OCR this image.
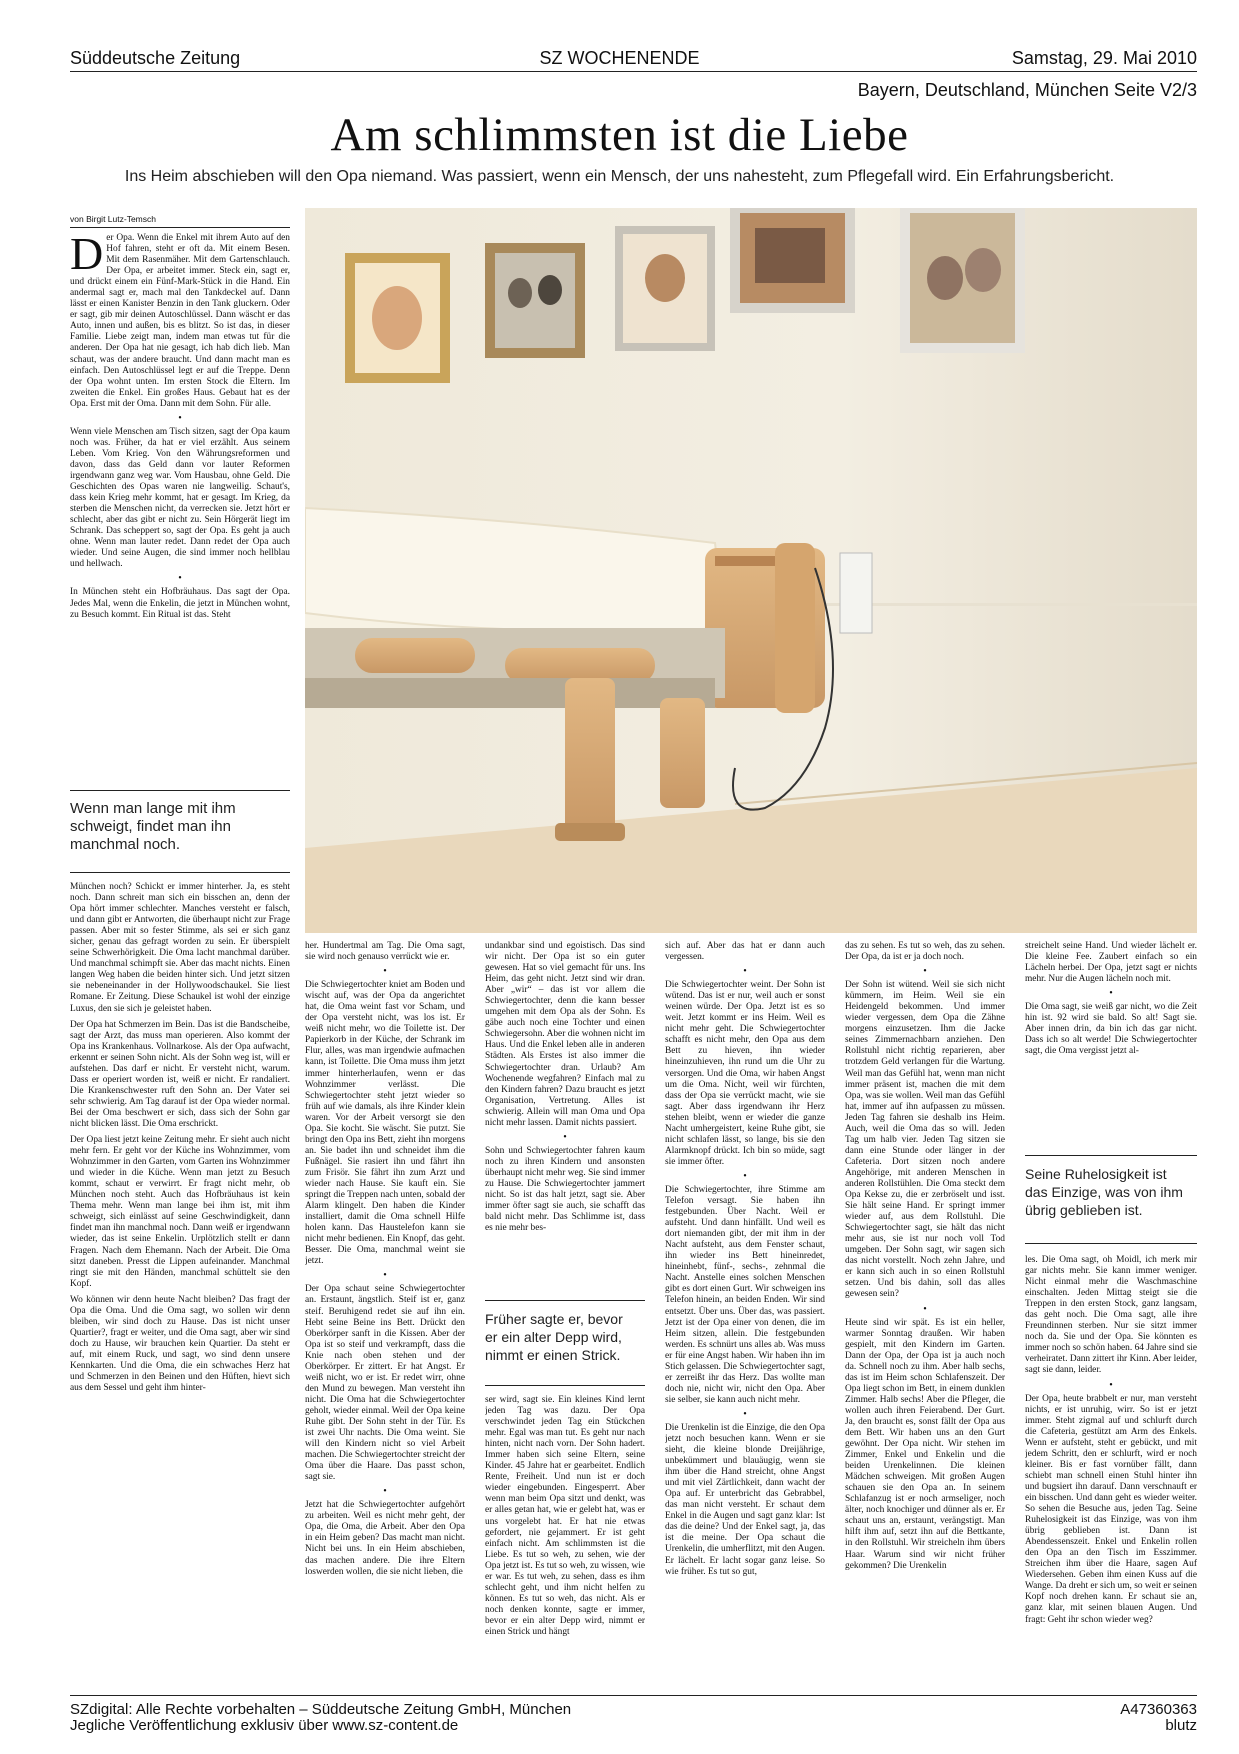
Süddeutsche Zeitung	SZ WOCHENENDE	Samstag, 29. Mai 2010
Bayern, Deutschland, München Seite V2/3
Am schlimmsten ist die Liebe
Ins Heim abschieben will den Opa niemand. Was passiert, wenn ein Mensch, der uns nahesteht, zum Pflegefall wird. Ein Erfahrungsbericht.
von Birgit Lutz-Temsch
D er Opa. Wenn die Enkel mit ihrem Auto auf den Hof fahren, steht er oft da. Mit einem Besen. Mit dem Rasenmäher. Mit dem Gartenschlauch. Der Opa, er arbeitet immer. Steck ein, sagt er, und drückt einem ein Fünf-Mark-Stück in die Hand. Ein andermal sagt er, mach mal den Tankdeckel auf. Dann lässt er einen Kanister Benzin in den Tank gluckern. Oder er sagt, gib mir deinen Autoschlüssel. Dann wäscht er das Auto, innen und außen, bis es blitzt. So ist das, in dieser Familie. Liebe zeigt man, indem man etwas tut für die anderen. Der Opa hat nie gesagt, ich hab dich lieb. Man schaut, was der andere braucht. Und dann macht man es einfach. Den Autoschlüssel legt er auf die Treppe. Denn der Opa wohnt unten. Im ersten Stock die Eltern. Im zweiten die Enkel. Ein großes Haus. Gebaut hat es der Opa. Erst mit der Oma. Dann mit dem Sohn. Für alle.

•

Wenn viele Menschen am Tisch sitzen, sagt der Opa kaum noch was. Früher, da hat er viel erzählt. Aus seinem Leben. Vom Krieg. Von den Währungsreformen und davon, dass das Geld dann vor lauter Reformen irgendwann ganz weg war. Vom Hausbau, ohne Geld. Die Geschichten des Opas waren nie langweilig. Schaut's, dass kein Krieg mehr kommt, hat er gesagt. Im Krieg, da sterben die Menschen nicht, da verrecken sie. Jetzt hört er schlecht, aber das gibt er nicht zu. Sein Hörgerät liegt im Schrank. Das scheppert so, sagt der Opa. Es geht ja auch ohne. Wenn man lauter redet. Dann redet der Opa auch wieder. Und seine Augen, die sind immer noch hellblau und hellwach.

•

In München steht ein Hofbräuhaus. Das sagt der Opa. Jedes Mal, wenn die Enkelin, die jetzt in München wohnt, zu Besuch kommt. Ein Ritual ist das. Steht

Wenn man lange mit ihm schweigt, findet man ihn manchmal noch.

München noch? Schickt er immer hinterher. Ja, es steht noch. Dann schreit man sich ein bisschen an, denn der Opa hört immer schlechter. Manches versteht er falsch, und dann gibt er Antworten, die überhaupt nicht zur Frage passen. Aber mit so fester Stimme, als sei er sich ganz sicher, genau das gefragt worden zu sein. Er überspielt seine Schwerhörigkeit. Die Oma lacht manchmal darüber. Und manchmal schimpft sie. Aber das macht nichts. Einen langen Weg haben die beiden hinter sich. Und jetzt sitzen sie nebeneinander in der Hollywoodschaukel. Sie liest Romane. Er Zeitung. Diese Schaukel ist wohl der einzige Luxus, den sie sich je geleistet haben.

Der Opa hat Schmerzen im Bein. Das ist die Bandscheibe, sagt der Arzt, das muss man operieren. Also kommt der Opa ins Krankenhaus. Vollnarkose. Als der Opa aufwacht, erkennt er seinen Sohn nicht. Als der Sohn weg ist, will er aufstehen. Das darf er nicht. Er versteht nicht, warum. Dass er operiert worden ist, weiß er nicht. Er randaliert. Die Krankenschwester ruft den Sohn an. Der Vater sei sehr schwierig. Am Tag darauf ist der Opa wieder normal. Bei der Oma beschwert er sich, dass sich der Sohn gar nicht blicken lässt. Die Oma erschrickt.

Der Opa liest jetzt keine Zeitung mehr. Er sieht auch nicht mehr fern. Er geht vor der Küche ins Wohnzimmer, vom Wohnzimmer in den Garten, vom Garten ins Wohnzimmer und wieder in die Küche. Wenn man jetzt zu Besuch kommt, schaut er verwirrt. Er fragt nicht mehr, ob München noch steht. Auch das Hofbräuhaus ist kein Thema mehr. Wenn man lange bei ihm ist, mit ihm schweigt, sich einlässt auf seine Geschwindigkeit, dann findet man ihn manchmal noch. Dann weiß er irgendwann wieder, das ist seine Enkelin. Urplötzlich stellt er dann Fragen. Nach dem Ehemann. Nach der Arbeit. Die Oma sitzt daneben. Presst die Lippen aufeinander. Manchmal ringt sie mit den Händen, manchmal schüttelt sie den Kopf.

Wo können wir denn heute Nacht bleiben? Das fragt der Opa die Oma. Und die Oma sagt, wo sollen wir denn bleiben, wir sind doch zu Hause. Das ist nicht unser Quartier?, fragt er weiter, und die Oma sagt, aber wir sind doch zu Hause, wir brauchen kein Quartier. Da steht er auf, mit einem Ruck, und sagt, wo sind denn unsere Kennkarten. Und die Oma, die ein schwaches Herz hat und Schmerzen in den Beinen und den Hüften, hievt sich aus dem Sessel und geht ihm hinter-

her. Hundertmal am Tag. Die Oma sagt, sie wird noch genauso verrückt wie er.

•

Die Schwiegertochter kniet am Boden und wischt auf, was der Opa da angerichtet hat, die Oma weint fast vor Scham, und der Opa versteht nicht, was los ist. Er weiß nicht mehr, wo die Toilette ist. Der Papierkorb in der Küche, der Schrank im Flur, alles, was man irgendwie aufmachen kann, ist Toilette. Die Oma muss ihm jetzt immer hinterherlaufen, wenn er das Wohnzimmer verlässt. Die Schwiegertochter steht jetzt wieder so früh auf wie damals, als ihre Kinder klein waren. Vor der Arbeit versorgt sie den Opa. Sie kocht. Sie wäscht. Sie putzt. Sie bringt den Opa ins Bett, zieht ihn morgens an. Sie badet ihn und schneidet ihm die Fußnägel. Sie rasiert ihn und fährt ihn zum Frisör. Sie fährt ihn zum Arzt und wieder nach Hause. Sie kauft ein. Sie springt die Treppen nach unten, sobald der Alarm klingelt. Den haben die Kinder installiert, damit die Oma schnell Hilfe holen kann. Das Haustelefon kann sie nicht mehr bedienen. Ein Knopf, das geht. Besser. Die Oma, manchmal weint sie jetzt.

•

Der Opa schaut seine Schwiegertochter an. Erstaunt, ängstlich. Steif ist er, ganz steif. Beruhigend redet sie auf ihn ein. Hebt seine Beine ins Bett. Drückt den Oberkörper sanft in die Kissen. Aber der Opa ist so steif und verkrampft, dass die Knie nach oben stehen und der Oberkörper. Er zittert. Er hat Angst. Er weiß nicht, wo er ist. Er redet wirr, ohne den Mund zu bewegen. Man versteht ihn nicht. Die Oma hat die Schwiegertochter geholt, wieder einmal. Weil der Opa keine Ruhe gibt. Der Sohn steht in der Tür. Es ist zwei Uhr nachts. Die Oma weint. Sie will den Kindern nicht so viel Arbeit machen. Die Schwiegertochter streicht der Oma über die Haare. Das passt schon, sagt sie.

•

Jetzt hat die Schwiegertochter aufgehört zu arbeiten. Weil es nicht mehr geht, der Opa, die Oma, die Arbeit. Aber den Opa in ein Heim geben? Das macht man nicht. Nicht bei uns. In ein Heim abschieben, das machen andere. Die ihre Eltern loswerden wollen, die sie nicht lieben, die

undankbar sind und egoistisch. Das sind wir nicht. Der Opa ist so ein guter gewesen. Hat so viel gemacht für uns. Ins Heim, das geht nicht. Jetzt sind wir dran. Aber „wir“ – das ist vor allem die Schwiegertochter, denn die kann besser umgehen mit dem Opa als der Sohn. Es gäbe auch noch eine Tochter und einen Schwiegersohn. Aber die wohnen nicht im Haus. Und die Enkel leben alle in anderen Städten. Als Erstes ist also immer die Schwiegertochter dran. Urlaub? Am Wochenende wegfahren? Einfach mal zu den Kindern fahren? Dazu braucht es jetzt Organisation, Vertretung. Alles ist schwierig. Allein will man Oma und Opa nicht mehr lassen. Damit nichts passiert.

•

Sohn und Schwiegertochter fahren kaum noch zu ihren Kindern und ansonsten überhaupt nicht mehr weg. Sie sind immer zu Hause. Die Schwiegertochter jammert nicht. So ist das halt jetzt, sagt sie. Aber immer öfter sagt sie auch, sie schafft das bald nicht mehr. Das Schlimme ist, dass es nie mehr bes-

Früher sagte er, bevor er ein alter Depp wird, nimmt er einen Strick.

ser wird, sagt sie. Ein kleines Kind lernt jeden Tag was dazu. Der Opa verschwindet jeden Tag ein Stückchen mehr. Egal was man tut. Es geht nur nach hinten, nicht nach vorn. Der Sohn hadert. Immer haben sich seine Eltern, seine Kinder. 45 Jahre hat er gearbeitet. Endlich Rente, Freiheit. Und nun ist er doch wieder eingebunden. Eingesperrt. Aber wenn man beim Opa sitzt und denkt, was er alles getan hat, wie er gelebt hat, was er uns vorgelebt hat. Er hat nie etwas gefordert, nie gejammert. Er ist geht einfach nicht. Am schlimmsten ist die Liebe. Es tut so weh, zu sehen, wie der Opa jetzt ist. Es tut so weh, zu wissen, wie er war. Es tut weh, zu sehen, dass es ihm schlecht geht, und ihm nicht helfen zu können. Es tut so weh, das nicht. Als er noch denken konnte, sagte er immer, bevor er ein alter Depp wird, nimmt er einen Strick und hängt

sich auf. Aber das hat er dann auch vergessen.

•

Die Schwiegertochter weint. Der Sohn ist wütend. Das ist er nur, weil auch er sonst weinen würde. Der Opa. Jetzt ist es so weit. Jetzt kommt er ins Heim. Weil es nicht mehr geht. Die Schwiegertochter schafft es nicht mehr, den Opa aus dem Bett zu hieven, ihn wieder hineinzuhieven, ihn rund um die Uhr zu versorgen. Und die Oma, wir haben Angst um die Oma. Nicht, weil wir fürchten, dass der Opa sie verrückt macht, wie sie sagt. Aber dass irgendwann ihr Herz stehen bleibt, wenn er wieder die ganze Nacht umhergeistert, keine Ruhe gibt, sie nicht schlafen lässt, so lange, bis sie den Alarmknopf drückt. Ich bin so müde, sagt sie immer öfter.

•

Die Schwiegertochter, ihre Stimme am Telefon versagt. Sie haben ihn festgebunden. Über Nacht. Weil er aufsteht. Und dann hinfällt. Und weil es dort niemanden gibt, der mit ihm in der Nacht aufsteht, aus dem Fenster schaut, ihn wieder ins Bett hineinredet, hineinhebt, fünf-, sechs-, zehnmal die Nacht. Anstelle eines solchen Menschen gibt es dort einen Gurt. Wir schweigen ins Telefon hinein, an beiden Enden. Wir sind entsetzt. Über uns. Über das, was passiert. Jetzt ist der Opa einer von denen, die im Heim sitzen, allein. Die festgebunden werden. Es schnürt uns alles ab. Was muss er für eine Angst haben. Wir haben ihn im Stich gelassen. Die Schwiegertochter sagt, er zerreißt ihr das Herz. Das wollte man doch nie, nicht wir, nicht den Opa. Aber sie selber, sie kann auch nicht mehr.

•

Die Urenkelin ist die Einzige, die den Opa jetzt noch besuchen kann. Wenn er sie sieht, die kleine blonde Dreijährige, unbekümmert und blauäugig, wenn sie ihm über die Hand streicht, ohne Angst und mit viel Zärtlichkeit, dann wacht der Opa auf. Er unterbricht das Gebrabbel, das man nicht versteht. Er schaut dem Enkel in die Augen und sagt ganz klar: Ist das die deine? Und der Enkel sagt, ja, das ist die meine. Der Opa schaut die Urenkelin, die umherflitzt, mit den Augen. Er lächelt. Er lacht sogar ganz leise. So wie früher. Es tut so gut,

das zu sehen. Es tut so weh, das zu sehen. Der Opa, da ist er ja doch noch.

•

Der Sohn ist wütend. Weil sie sich nicht kümmern, im Heim. Weil sie ein Heidengeld bekommen. Und immer wieder vergessen, dem Opa die Zähne morgens einzusetzen. Ihm die Jacke seines Zimmernachbarn anziehen. Den Rollstuhl nicht richtig reparieren, aber trotzdem Geld verlangen für die Wartung. Weil man das Gefühl hat, wenn man nicht immer präsent ist, machen die mit dem Opa, was sie wollen. Weil man das Gefühl hat, immer auf ihn aufpassen zu müssen. Jeden Tag fahren sie deshalb ins Heim. Auch, weil die Oma das so will. Jeden Tag um halb vier. Jeden Tag sitzen sie dann eine Stunde oder länger in der Cafeteria. Dort sitzen noch andere Angehörige, mit anderen Menschen in anderen Rollstühlen. Die Oma steckt dem Opa Kekse zu, die er zerbröselt und isst. Sie hält seine Hand. Er springt immer wieder auf, aus dem Rollstuhl. Die Schwiegertochter sagt, sie hält das nicht mehr aus, sie ist nur noch voll Tod umgeben. Der Sohn sagt, wir sagen sich das nicht vorstellt. Noch zehn Jahre, und er kann sich auch in so einen Rollstuhl setzen. Und bis dahin, soll das alles gewesen sein?

•

Heute sind wir spät. Es ist ein heller, warmer Sonntag draußen. Wir haben gespielt, mit den Kindern im Garten. Dann der Opa, der Opa ist ja auch noch da. Schnell noch zu ihm. Aber halb sechs, das ist im Heim schon Schlafenszeit. Der Opa liegt schon im Bett, in einem dunklen Zimmer. Halb sechs! Aber die Pfleger, die wollen auch ihren Feierabend. Der Gurt. Ja, den braucht es, sonst fällt der Opa aus dem Bett. Wir haben uns an den Gurt gewöhnt. Der Opa nicht. Wir stehen im Zimmer, Enkel und Enkelin und die beiden Urenkelinnen. Die kleinen Mädchen schweigen. Mit großen Augen schauen sie den Opa an. In seinem Schlafanzug ist er noch armseliger, noch älter, noch knochiger und dünner als er. Er schaut uns an, erstaunt, verängstigt. Man hilft ihm auf, setzt ihn auf die Bettkante, in den Rollstuhl. Wir streicheln ihm übers Haar. Warum sind wir nicht früher gekommen? Die Urenkelin

streichelt seine Hand. Und wieder lächelt er. Die kleine Fee. Zaubert einfach so ein Lächeln herbei. Der Opa, jetzt sagt er nichts mehr. Nur die Augen lächeln noch mit.

•

Die Oma sagt, sie weiß gar nicht, wo die Zeit hin ist. 92 wird sie bald. So alt! Sagt sie. Aber innen drin, da bin ich das gar nicht. Dass ich so alt werde! Die Schwiegertochter sagt, die Oma vergisst jetzt al-

Seine Ruhelosigkeit ist das Einzige, was von ihm übrig geblieben ist.

les. Die Oma sagt, oh Moidl, ich merk mir gar nichts mehr. Sie kann immer weniger. Nicht einmal mehr die Waschmaschine einschalten. Jeden Mittag steigt sie die Treppen in den ersten Stock, ganz langsam, das geht noch. Die Oma sagt, alle ihre Freundinnen sterben. Nur sie sitzt immer noch da. Sie und der Opa. Sie könnten es immer noch so schön haben. 64 Jahre sind sie verheiratet. Dann zittert ihr Kinn. Aber leider, sagt sie dann, leider.

•

Der Opa, heute brabbelt er nur, man versteht nichts, er ist unruhig, wirr. So ist er jetzt immer. Steht zigmal auf und schlurft durch die Cafeteria, gestützt am Arm des Enkels. Wenn er aufsteht, steht er gebückt, und mit jedem Schritt, den er schlurft, wird er noch kleiner. Bis er fast vornüber fällt, dann schiebt man schnell einen Stuhl hinter ihn und bugsiert ihn darauf. Dann verschnauft er ein bisschen. Und dann geht es wieder weiter. So sehen die Besuche aus, jeden Tag. Seine Ruhelosigkeit ist das Einzige, was von ihm übrig geblieben ist. Dann ist Abendessenszeit. Enkel und Enkelin rollen den Opa an den Tisch im Esszimmer. Streichen ihm über die Haare, sagen Auf Wiedersehen. Geben ihm einen Kuss auf die Wange. Da dreht er sich um, so weit er seinen Kopf noch drehen kann. Er schaut sie an, ganz klar, mit seinen blauen Augen. Und fragt: Geht ihr schon wieder weg?

SZdigital: Alle Rechte vorbehalten – Süddeutsche Zeitung GmbH, München
Jegliche Veröffentlichung exklusiv über www.sz-content.de
A47360363
blutz
